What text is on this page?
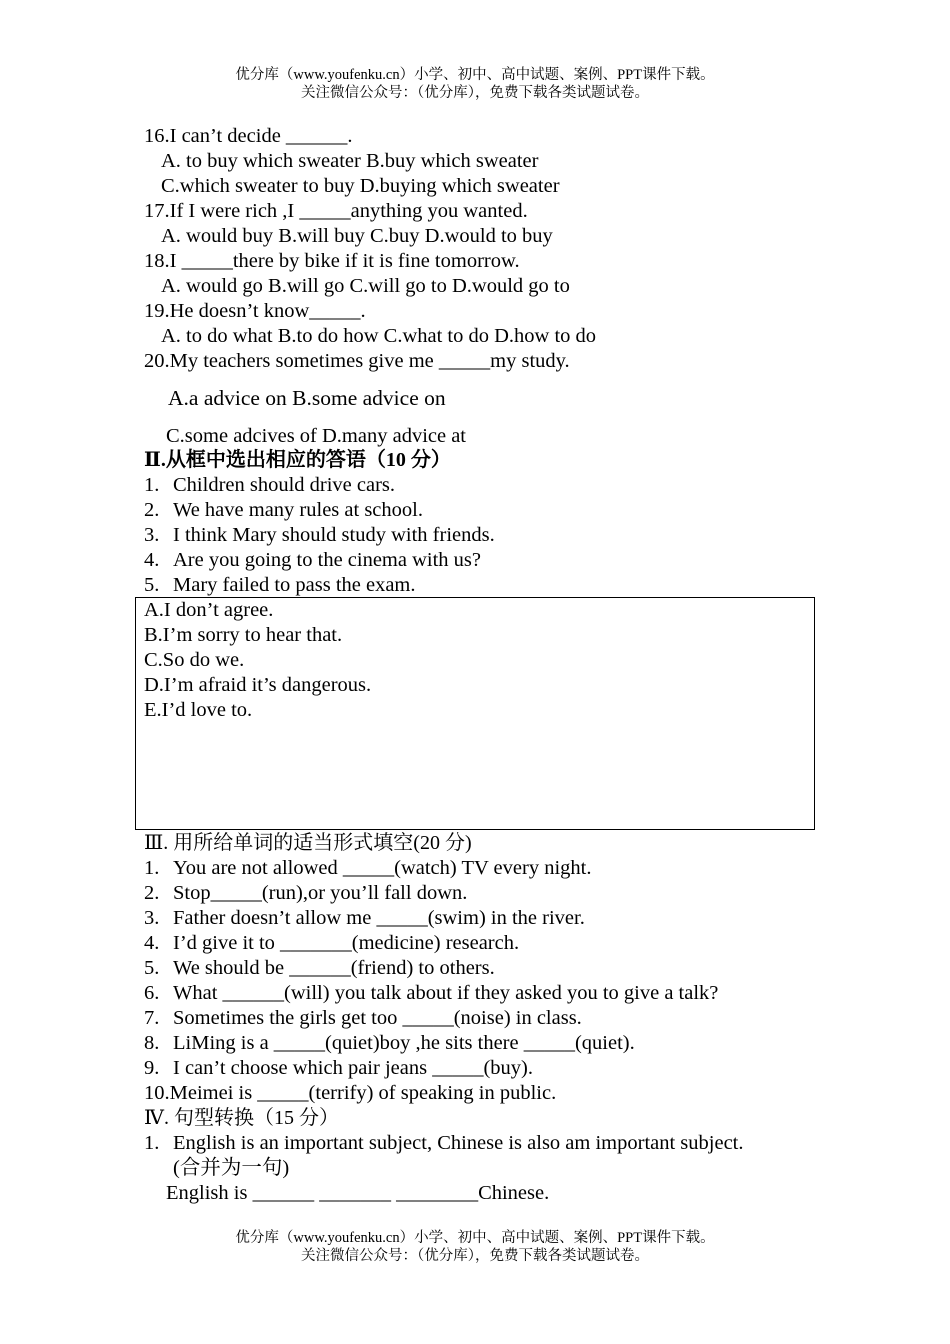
优分库（www.youfenku.cn）小学、初中、高中试题、案例、PPT课件下载。
关注微信公众号：（优分库），免费下载各类试题试卷。
16.I can’t decide ______.
A. to buy which sweater B.buy which sweater
C.which sweater to buy D.buying which sweater
17.If I were rich ,I _____anything you wanted.
A. would buy B.will buy C.buy D.would to buy
18.I _____there by bike if it is fine tomorrow.
A. would go B.will go C.will go to D.would go to
19.He doesn’t know_____.
A. to do what B.to do how C.what to do D.how to do
20.My teachers sometimes give me _____my study.
A.a advice on B.some advice on
C.some adcives of D.many advice at
Ⅱ.从框中选出相应的答语（10 分）
1. Children should drive cars.
2. We have many rules at school.
3. I think Mary should study with friends.
4. Are you going to the cinema with us?
5. Mary failed to pass the exam.
A.I don’t agree.
B.I’m sorry to hear that.
C.So do we.
D.I’m afraid it’s dangerous.
E.I’d love to.
Ⅲ. 用所给单词的适当形式填空(20 分)
1. You are not allowed _____(watch) TV every night.
2. Stop_____(run),or you’ll fall down.
3. Father doesn’t allow me _____(swim) in the river.
4. I’d give it to _______(medicine) research.
5. We should be ______(friend) to others.
6. What ______(will) you talk about if they asked you to give a talk?
7. Sometimes the girls get too _____(noise) in class.
8. LiMing is a _____(quiet)boy ,he sits there _____(quiet).
9. I can’t choose which pair jeans _____(buy).
10.Meimei is _____(terrify) of speaking in public.
Ⅳ. 句型转换（15 分）
1. English is an important subject, Chinese is also am important subject.
(合并为一句)
English is ______ _______ ________Chinese.
优分库（www.youfenku.cn）小学、初中、高中试题、案例、PPT课件下载。
关注微信公众号：（优分库），免费下载各类试题试卷。
